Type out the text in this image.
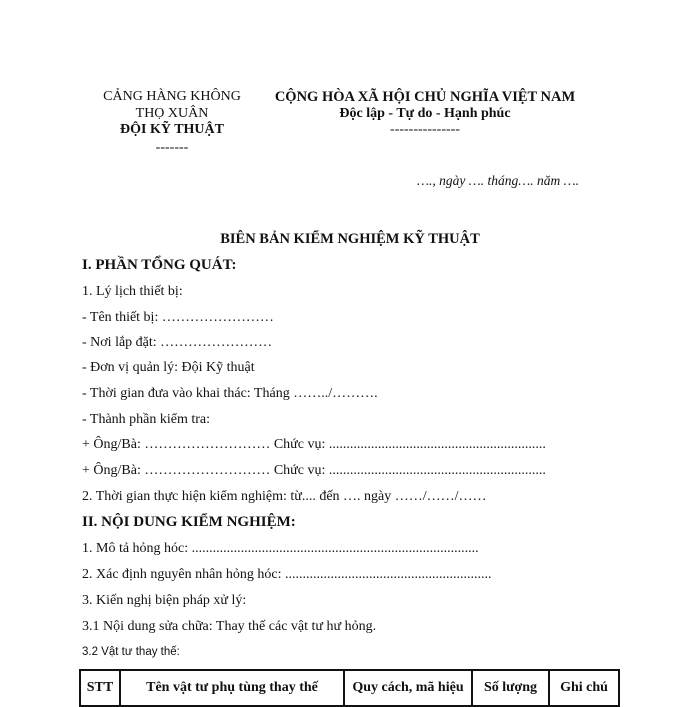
CẢNG HÀNG KHÔNG
THỌ XUÂN
ĐỘI KỸ THUẬT
-------
CỘNG HÒA XÃ HỘI CHỦ NGHĨA VIỆT NAM
Độc lập - Tự do - Hạnh phúc
---------------
…., ngày …. tháng…. năm ….
BIÊN BẢN KIỂM NGHIỆM KỸ THUẬT
I. PHẦN TỔNG QUÁT:
1. Lý lịch thiết bị:
- Tên thiết bị: ……………………
- Nơi lắp đặt: ……………………
- Đơn vị quản lý: Đội Kỹ thuật
- Thời gian đưa vào khai thác: Tháng ……../……….
- Thành phần kiểm tra:
+ Ông/Bà: ……………………… Chức vụ: ..............................................................
+ Ông/Bà: ……………………… Chức vụ: ..............................................................
2. Thời gian thực hiện kiểm nghiệm: từ.... đến …. ngày ……/……/……
II. NỘI DUNG KIỂM NGHIỆM:
1. Mô tả hỏng hóc: ..................................................................................
2. Xác định nguyên nhân hỏng hóc: ...........................................................
3. Kiến nghị biện pháp xử lý:
3.1 Nội dung sửa chữa: Thay thế các vật tư hư hỏng.
3.2 Vật tư thay thế:
STT	Tên vật tư phụ tùng thay thế	Quy cách, mã hiệu	Số lượng	Ghi chú
